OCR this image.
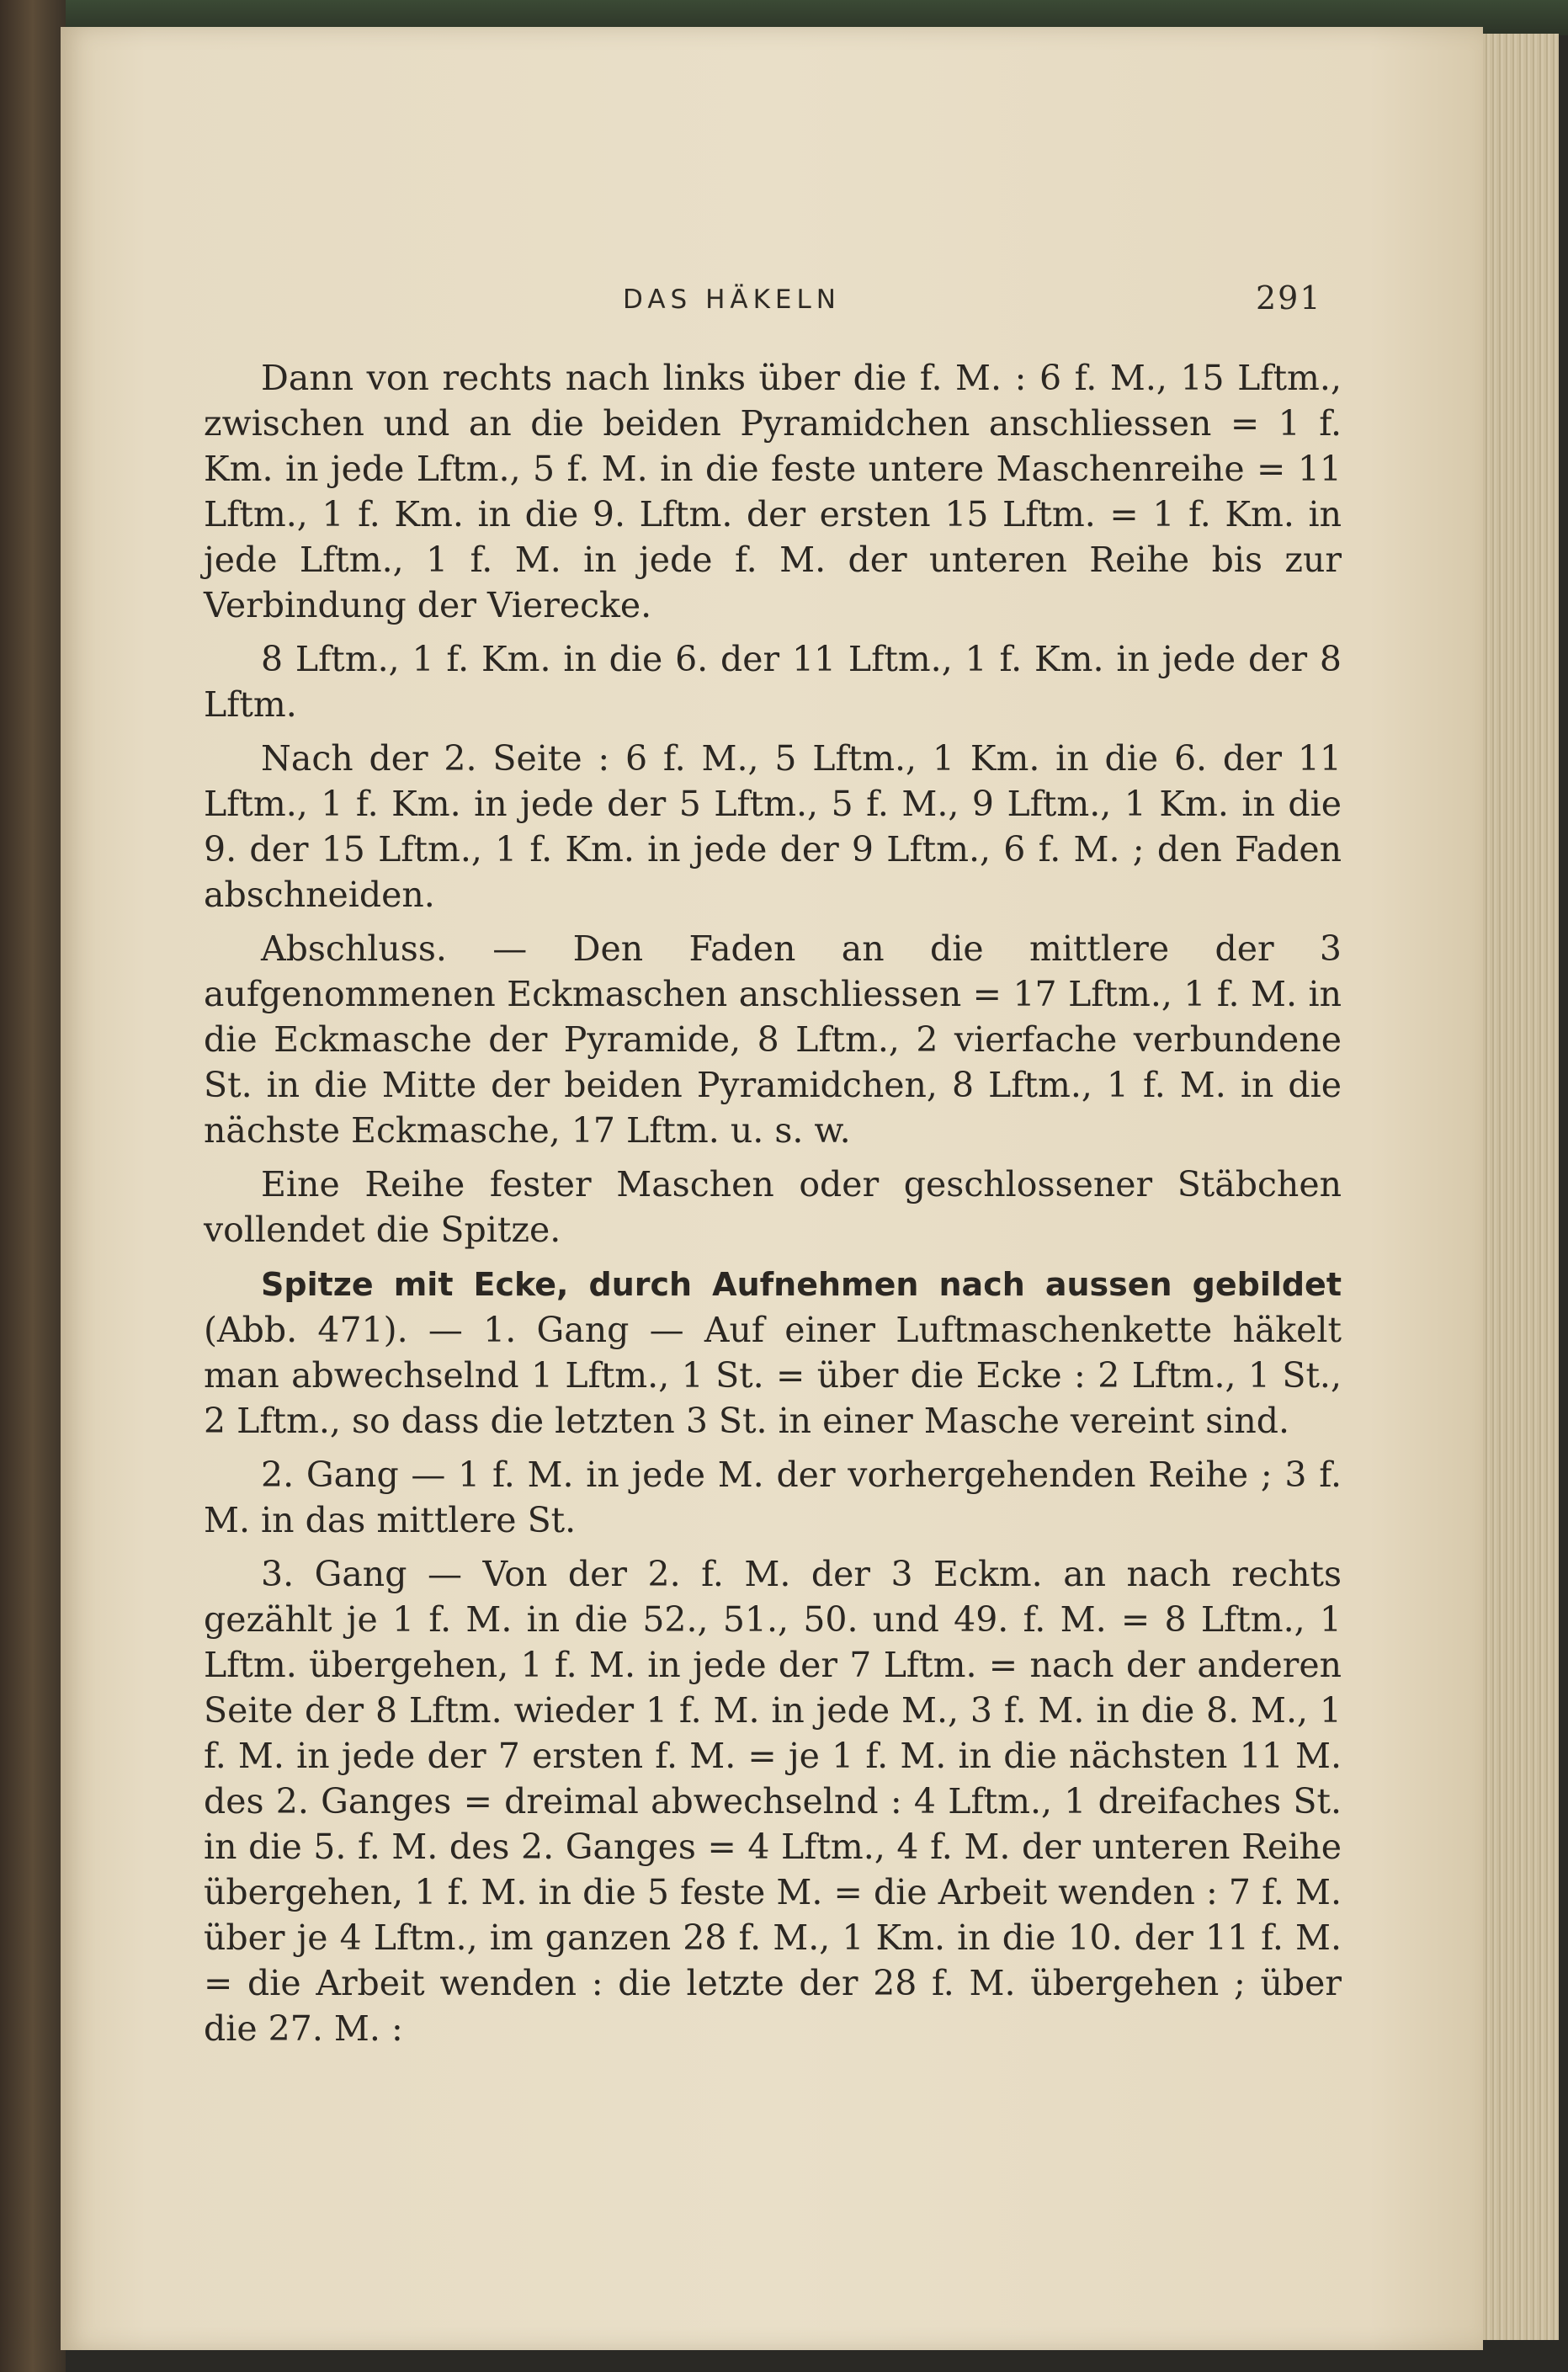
DAS HÄKELN	291

Dann von rechts nach links über die f. M. : 6 f. M., 15 Lftm., zwischen und an die beiden Pyramidchen anschliessen = 1 f. Km. in jede Lftm., 5 f. M. in die feste untere Maschenreihe = 11 Lftm., 1 f. Km. in die 9. Lftm. der ersten 15 Lftm. = 1 f. Km. in jede Lftm., 1 f. M. in jede f. M. der unteren Reihe bis zur Verbindung der Vierecke.

8 Lftm., 1 f. Km. in die 6. der 11 Lftm., 1 f. Km. in jede der 8 Lftm.

Nach der 2. Seite : 6 f. M., 5 Lftm., 1 Km. in die 6. der 11 Lftm., 1 f. Km. in jede der 5 Lftm., 5 f. M., 9 Lftm., 1 Km. in die 9. der 15 Lftm., 1 f. Km. in jede der 9 Lftm., 6 f. M. ; den Faden abschneiden.

Abschluss. — Den Faden an die mittlere der 3 aufgenommenen Eckmaschen anschliessen = 17 Lftm., 1 f. M. in die Eckmasche der Pyramide, 8 Lftm., 2 vierfache verbundene St. in die Mitte der beiden Pyramidchen, 8 Lftm., 1 f. M. in die nächste Eckmasche, 17 Lftm. u. s. w.

Eine Reihe fester Maschen oder geschlossener Stäbchen vollendet die Spitze.

Spitze mit Ecke, durch Aufnehmen nach aussen gebildet (Abb. 471). — 1. Gang — Auf einer Luftmaschenkette häkelt man abwechselnd 1 Lftm., 1 St. = über die Ecke : 2 Lftm., 1 St., 2 Lftm., so dass die letzten 3 St. in einer Masche vereint sind.

2. Gang — 1 f. M. in jede M. der vorhergehenden Reihe ; 3 f. M. in das mittlere St.

3. Gang — Von der 2. f. M. der 3 Eckm. an nach rechts gezählt je 1 f. M. in die 52., 51., 50. und 49. f. M. = 8 Lftm., 1 Lftm. übergehen, 1 f. M. in jede der 7 Lftm. = nach der anderen Seite der 8 Lftm. wieder 1 f. M. in jede M., 3 f. M. in die 8. M., 1 f. M. in jede der 7 ersten f. M. = je 1 f. M. in die nächsten 11 M. des 2. Ganges = dreimal abwechselnd : 4 Lftm., 1 dreifaches St. in die 5. f. M. des 2. Ganges = 4 Lftm., 4 f. M. der unteren Reihe übergehen, 1 f. M. in die 5 feste M. = die Arbeit wenden : 7 f. M. über je 4 Lftm., im ganzen 28 f. M., 1 Km. in die 10. der 11 f. M. = die Arbeit wenden : die letzte der 28 f. M. übergehen ; über die 27. M. :
